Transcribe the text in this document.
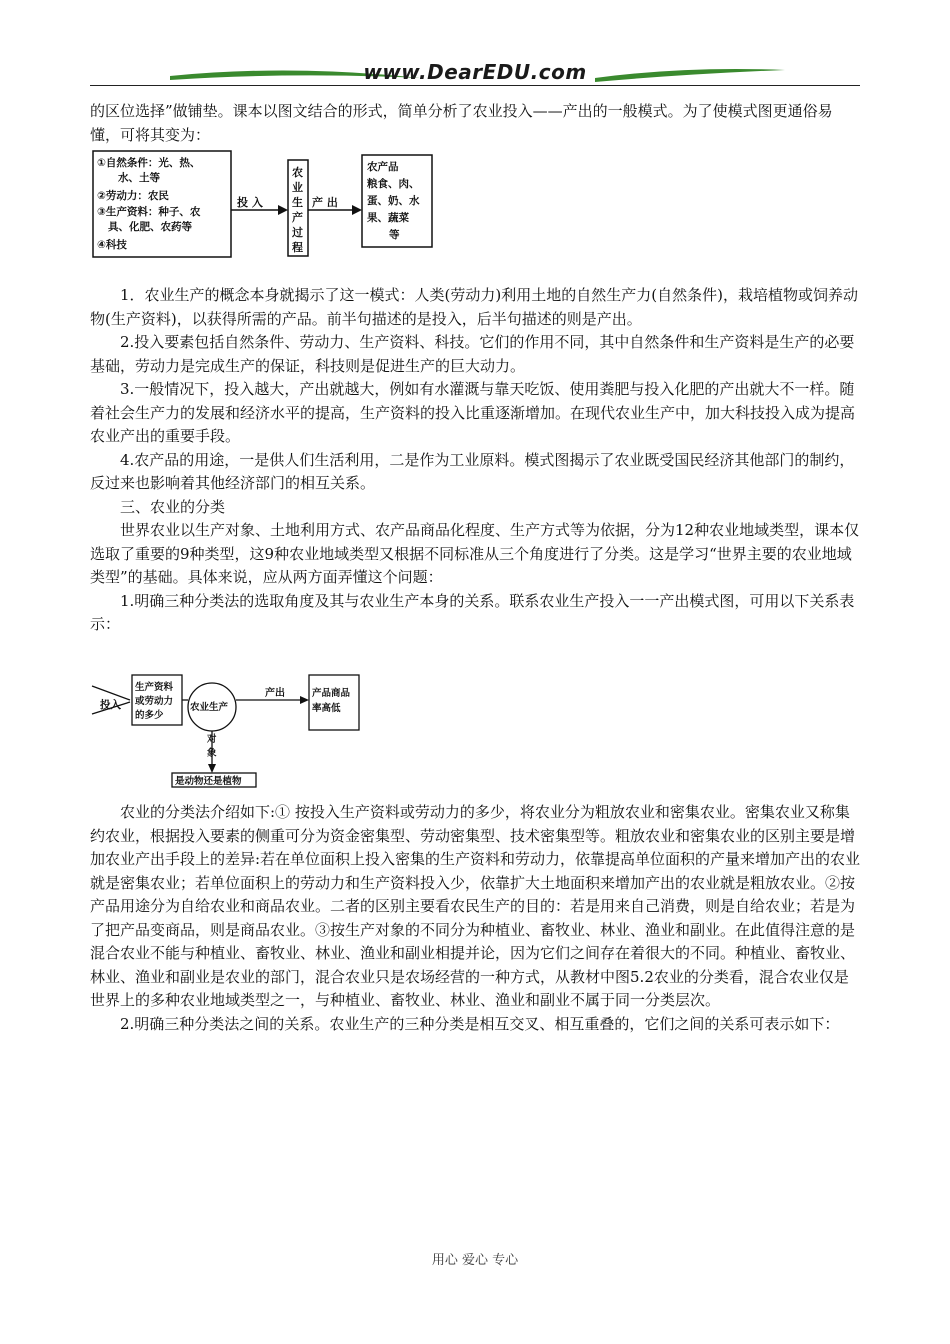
www.DearEDU.com

的区位选择”做铺垫。课本以图文结合的形式，简单分析了农业投入——产出的一般模式。为了使模式图更通俗易懂，可将其变为：

①自然条件：光、热、
水、土等
②劳动力：农民
③生产资料：种子、农
具、化肥、农药等
④科技
投 入
农
业
生
产
过
程
产 出
农产品
粮食、肉、
蛋、奶、水
果、蔬菜
等

1．农业生产的概念本身就揭示了这一模式：人类(劳动力)利用土地的自然生产力(自然条件)，栽培植物或饲养动物(生产资料)，以获得所需的产品。前半句描述的是投入，后半句描述的则是产出。

2.投入要素包括自然条件、劳动力、生产资料、科技。它们的作用不同，其中自然条件和生产资料是生产的必要基础，劳动力是完成生产的保证，科技则是促进生产的巨大动力。

3.一般情况下，投入越大，产出就越大，例如有水灌溉与靠天吃饭、使用粪肥与投入化肥的产出就大不一样。随着社会生产力的发展和经济水平的提高，生产资料的投入比重逐渐增加。在现代农业生产中，加大科技投入成为提高农业产出的重要手段。

4.农产品的用途，一是供人们生活利用，二是作为工业原料。模式图揭示了农业既受国民经济其他部门的制约，反过来也影响着其他经济部门的相互关系。

三、农业的分类

世界农业以生产对象、土地利用方式、农产品商品化程度、生产方式等为依据，分为12种农业地域类型，课本仅选取了重要的9种类型，这9种农业地域类型又根据不同标准从三个角度进行了分类。这是学习“世界主要的农业地域类型”的基础。具体来说，应从两方面弄懂这个问题：

1.明确三种分类法的选取角度及其与农业生产本身的关系。联系农业生产投入一一产出模式图，可用以下关系表示：

投入
生产资料
或劳动力
的多少
农业生产
产出	产品商品
率高低
对
象
是动物还是植物

农业的分类法介绍如下:① 按投入生产资料或劳动力的多少，将农业分为粗放农业和密集农业。密集农业又称集约农业，根据投入要素的侧重可分为资金密集型、劳动密集型、技术密集型等。粗放农业和密集农业的区别主要是增加农业产出手段上的差异:若在单位面积上投入密集的生产资料和劳动力，依靠提高单位面积的产量来增加产出的农业就是密集农业；若单位面积上的劳动力和生产资料投入少，依靠扩大土地面积来增加产出的农业就是粗放农业。②按产品用途分为自给农业和商品农业。二者的区别主要看农民生产的目的：若是用来自己消费，则是自给农业；若是为了把产品变商品，则是商品农业。③按生产对象的不同分为种植业、畜牧业、林业、渔业和副业。在此值得注意的是混合农业不能与种植业、畜牧业、林业、渔业和副业相提并论，因为它们之间存在着很大的不同。种植业、畜牧业、林业、渔业和副业是农业的部门，混合农业只是农场经营的一种方式，从教材中图5.2农业的分类看，混合农业仅是世界上的多种农业地域类型之一，与种植业、畜牧业、林业、渔业和副业不属于同一分类层次。

2.明确三种分类法之间的关系。农业生产的三种分类是相互交叉、相互重叠的，它们之间的关系可表示如下：

用心 爱心 专心
